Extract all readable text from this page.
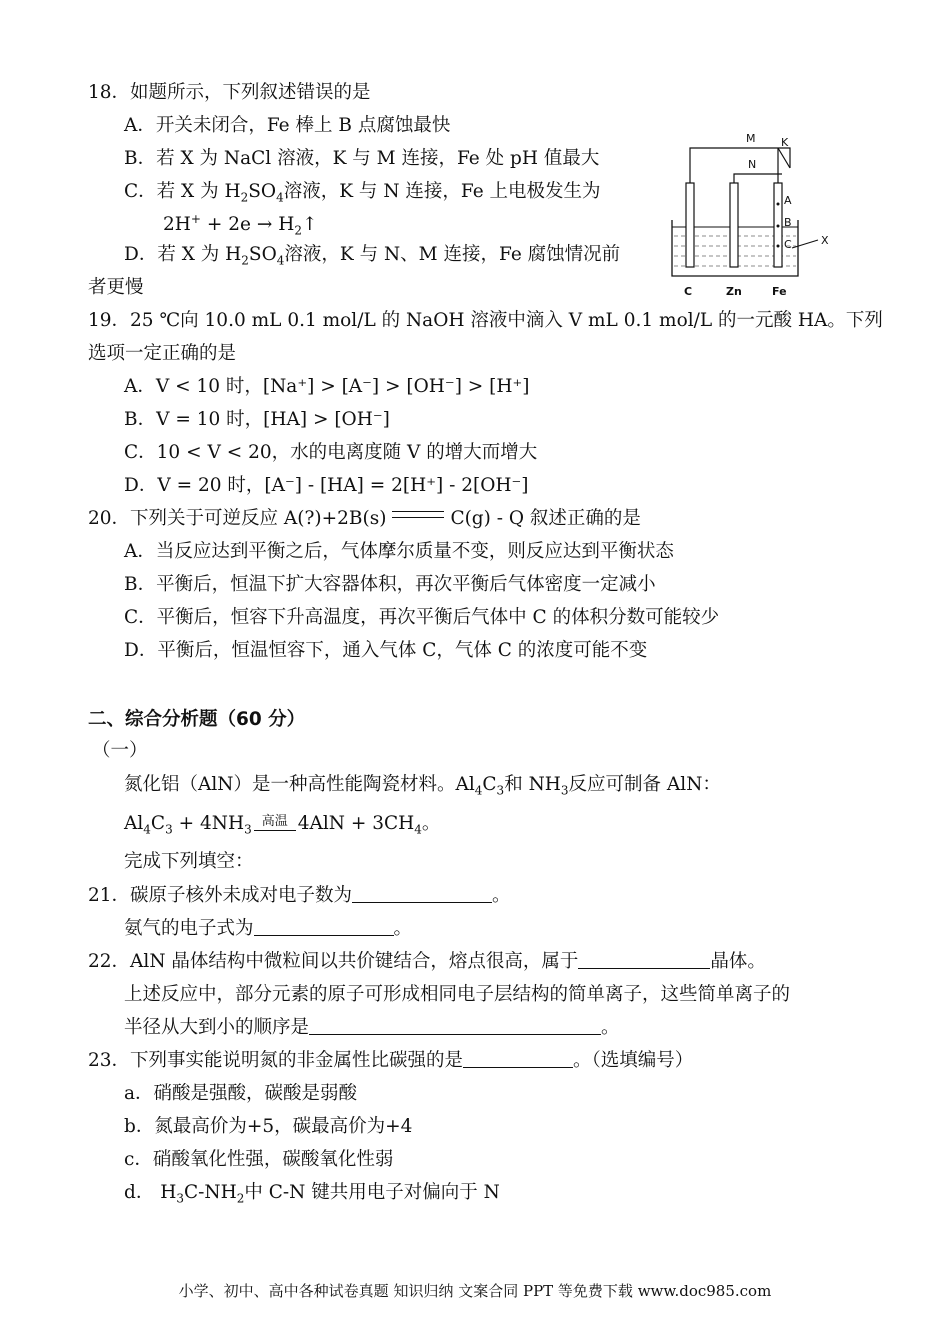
18．如题所示，下列叙述错误的是
A．开关未闭合，Fe 棒上 B 点腐蚀最快
B．若 X 为 NaCl 溶液，K 与 M 连接，Fe 处 pH 值最大
C．若 X 为 $H_2SO_4$溶液，K 与 N 连接，Fe 上电极发生为
$2H^+ + 2e \to H_2↑$
D．若 X 为 $H_2SO_4$溶液，K 与 N、M 连接，Fe 腐蚀情况前
者更慢
M K
N
A
B
C	X
C	Zn	Fe
19．25 ℃向 10.0 mL 0.1 mol/L 的 NaOH 溶液中滴入 V mL 0.1 mol/L 的一元酸 HA。下列
选项一定正确的是
A．V < 10 时，[Na⁺] > [A⁻] > [OH⁻] > [H⁺]
B．V = 10 时，[HA] > [OH⁻]
C．10 < V < 20，水的电离度随 V 的增大而增大
D．V = 20 时，[A⁻] - [HA] = 2[H⁺] - 2[OH⁻]
20．下列关于可逆反应 A(?)+2B(s)	C(g) - Q 叙述正确的是
A．当反应达到平衡之后，气体摩尔质量不变，则反应达到平衡状态
B．平衡后，恒温下扩大容器体积，再次平衡后气体密度一定减小
C．平衡后，恒容下升高温度，再次平衡后气体中 C 的体积分数可能较少
D．平衡后，恒温恒容下，通入气体 C，气体 C 的浓度可能不变
二、综合分析题（60 分）
（一）
氮化铝（AlN）是一种高性能陶瓷材料。$Al_4C_3$和 $NH_3$反应可制备 AlN：
$Al_4C_3 + 4NH_3$
高温 $4AlN + 3CH_4$。
完成下列填空：
21．碳原子核外未成对电子数为	。
氨气的电子式为	。
22．AlN 晶体结构中微粒间以共价键结合，熔点很高，属于	晶体。
上述反应中，部分元素的原子可形成相同电子层结构的简单离子，这些简单离子的
半径从大到小的顺序是	。
23．下列事实能说明氮的非金属性比碳强的是	。（选填编号）
a．硝酸是强酸，碳酸是弱酸
b．氮最高价为+5，碳最高价为+4
c．硝酸氧化性强，碳酸氧化性弱
d． $H_3C-NH_2$中 C-N 键共用电子对偏向于 N
小学、初中、高中各种试卷真题 知识归纳 文案合同 PPT 等免费下载 www.doc985.com
